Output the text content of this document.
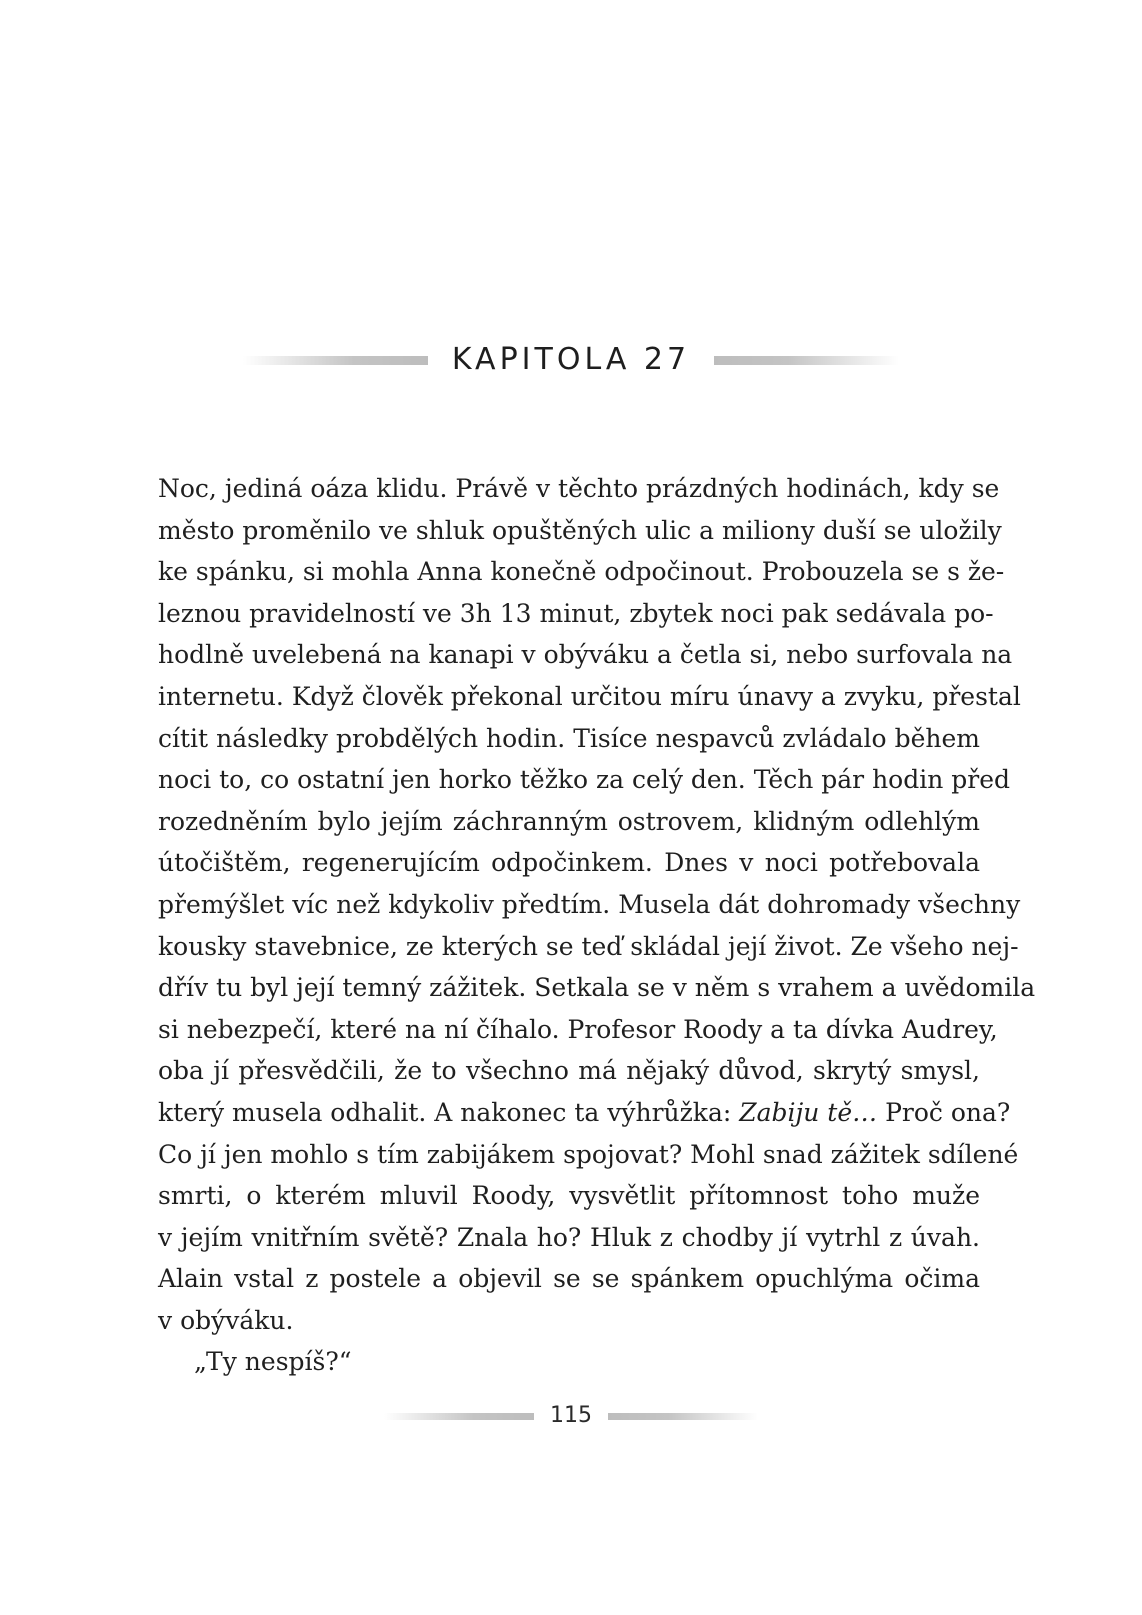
KAPITOLA 27

Noc, jediná oáza klidu. Právě v těchto prázdných hodinách, kdy se
město proměnilo ve shluk opuštěných ulic a miliony duší se uložily
ke spánku, si mohla Anna konečně odpočinout. Probouzela se s že-
leznou pravidelností ve 3h 13 minut, zbytek noci pak sedávala po-
hodlně uvelebená na kanapi v obýváku a četla si, nebo surfovala na
internetu. Když člověk překonal určitou míru únavy a zvyku, přestal
cítit následky probdělých hodin. Tisíce nespavců zvládalo během
noci to, co ostatní jen horko těžko za celý den. Těch pár hodin před
rozedněním bylo jejím záchranným ostrovem, klidným odlehlým
útočištěm, regenerujícím odpočinkem. Dnes v noci potřebovala
přemýšlet víc než kdykoliv předtím. Musela dát dohromady všechny
kousky stavebnice, ze kterých se teď skládal její život. Ze všeho nej-
dřív tu byl její temný zážitek. Setkala se v něm s vrahem a uvědomila
si nebezpečí, které na ní číhalo. Profesor Roody a ta dívka Audrey,
oba jí přesvědčili, že to všechno má nějaký důvod, skrytý smysl,
který musela odhalit. A nakonec ta výhrůžka: Zabiju tě… Proč ona?
Co jí jen mohlo s tím zabijákem spojovat? Mohl snad zážitek sdílené
smrti, o kterém mluvil Roody, vysvětlit přítomnost toho muže
v jejím vnitřním světě? Znala ho? Hluk z chodby jí vytrhl z úvah.
Alain vstal z postele a objevil se se spánkem opuchlýma očima
v obýváku.

„Ty nespíš?“

115
